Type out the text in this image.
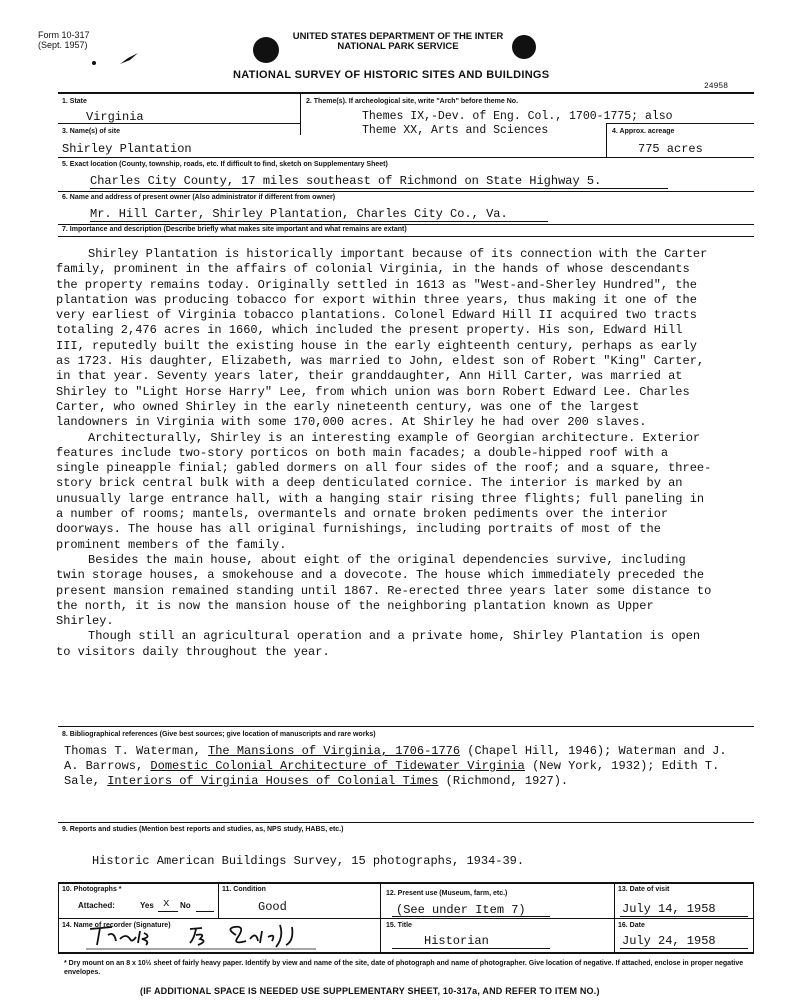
Form 10-317
(Sept. 1957)
UNITED STATES DEPARTMENT OF THE INTER
NATIONAL PARK SERVICE
NATIONAL SURVEY OF HISTORIC SITES AND BUILDINGS
24958
1. State
Virginia
2. Theme(s). If archeological site, write "Arch" before theme No.
Themes IX,-Dev. of Eng. Col., 1700-1775; also
Theme XX, Arts and Sciences
3. Name(s) of site
Shirley Plantation
4. Approx. acreage
775 acres
5. Exact location (County, township, roads, etc. If difficult to find, sketch on Supplementary Sheet)
Charles City County, 17 miles southeast of Richmond on State Highway 5.
6. Name and address of present owner (Also administrator if different from owner)
Mr. Hill Carter, Shirley Plantation, Charles City Co., Va.
7. Importance and description (Describe briefly what makes site important and what remains are extant)

Shirley Plantation is historically important because of its connection with the Carter family, prominent in the affairs of colonial Virginia, in the hands of whose descendants the property remains today. Originally settled in 1613 as "West-and-Sherley Hundred", the plantation was producing tobacco for export within three years, thus making it one of the very earliest of Virginia tobacco plantations. Colonel Edward Hill II acquired two tracts totaling 2,476 acres in 1660, which included the present property. His son, Edward Hill III, reputedly built the existing house in the early eighteenth century, perhaps as early as 1723. His daughter, Elizabeth, was married to John, eldest son of Robert "King" Carter, in that year. Seventy years later, their granddaughter, Ann Hill Carter, was married at Shirley to "Light Horse Harry" Lee, from which union was born Robert Edward Lee. Charles Carter, who owned Shirley in the early nineteenth century, was one of the largest landowners in Virginia with some 170,000 acres. At Shirley he had over 200 slaves.

Architecturally, Shirley is an interesting example of Georgian architecture. Exterior features include two-story porticos on both main facades; a double-hipped roof with a single pineapple finial; gabled dormers on all four sides of the roof; and a square, three-story brick central bulk with a deep denticulated cornice. The interior is marked by an unusually large entrance hall, with a hanging stair rising three flights; full paneling in a number of rooms; mantels, overmantels and ornate broken pediments over the interior doorways. The house has all original furnishings, including portraits of most of the prominent members of the family.

Besides the main house, about eight of the original dependencies survive, including twin storage houses, a smokehouse and a dovecote. The house which immediately preceded the present mansion remained standing until 1867. Re-erected three years later some distance to the north, it is now the mansion house of the neighboring plantation known as Upper Shirley.

Though still an agricultural operation and a private home, Shirley Plantation is open to visitors daily throughout the year.

8. Bibliographical references (Give best sources; give location of manuscripts and rare works)
Thomas T. Waterman, The Mansions of Virginia, 1706-1776 (Chapel Hill, 1946); Waterman and J. A. Barrows, Domestic Colonial Architecture of Tidewater Virginia (New York, 1932); Edith T. Sale, Interiors of Virginia Houses of Colonial Times (Richmond, 1927).
9. Reports and studies (Mention best reports and studies, as, NPS study, HABS, etc.)
Historic American Buildings Survey, 15 photographs, 1934-39.
10. Photographs *
Attached:	Yes x No
11. Condition
Good
12. Present use (Museum, farm, etc.)
(See under Item 7)
13. Date of visit
July 14, 1958
14. Name of recorder (Signature)	15. Title
Historian
16. Date
July 24, 1958
* Dry mount on an 8 x 10½ sheet of fairly heavy paper. Identify by view and name of the site, date of photograph and name of photographer. Give location of negative. If attached, enclose in proper negative envelopes.
(IF ADDITIONAL SPACE IS NEEDED USE SUPPLEMENTARY SHEET, 10-317a, AND REFER TO ITEM NO.)
